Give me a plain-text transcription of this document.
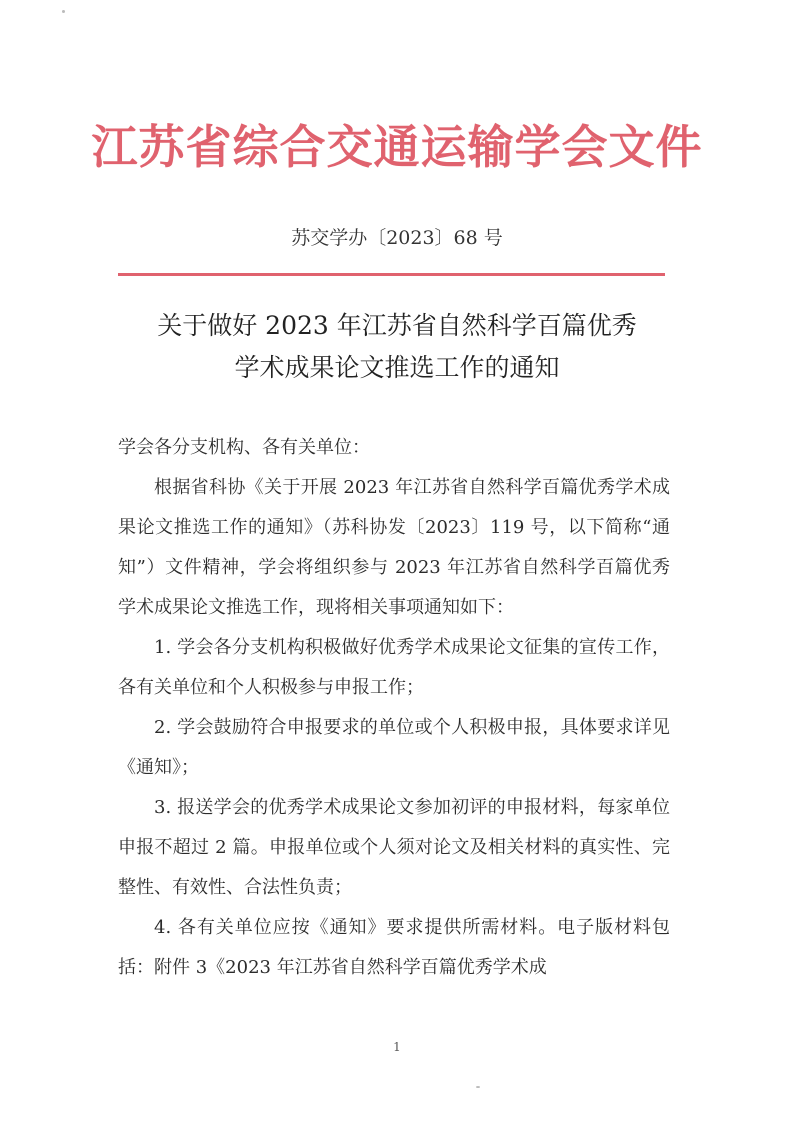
江苏省综合交通运输学会文件
苏交学办〔2023〕68 号
关于做好 2023 年江苏省自然科学百篇优秀
学术成果论文推选工作的通知

学会各分支机构、各有关单位：

根据省科协《关于开展 2023 年江苏省自然科学百篇优秀学术成果论文推选工作的通知》（苏科协发〔2023〕119 号，以下简称“通知”）文件精神，学会将组织参与 2023 年江苏省自然科学百篇优秀学术成果论文推选工作，现将相关事项通知如下：

1. 学会各分支机构积极做好优秀学术成果论文征集的宣传工作，各有关单位和个人积极参与申报工作；

2. 学会鼓励符合申报要求的单位或个人积极申报，具体要求详见《通知》；

3. 报送学会的优秀学术成果论文参加初评的申报材料，每家单位申报不超过 2 篇。申报单位或个人须对论文及相关材料的真实性、完整性、有效性、合法性负责；

4. 各有关单位应按《通知》要求提供所需材料。电子版材料包括：附件 3《2023 年江苏省自然科学百篇优秀学术成

1
